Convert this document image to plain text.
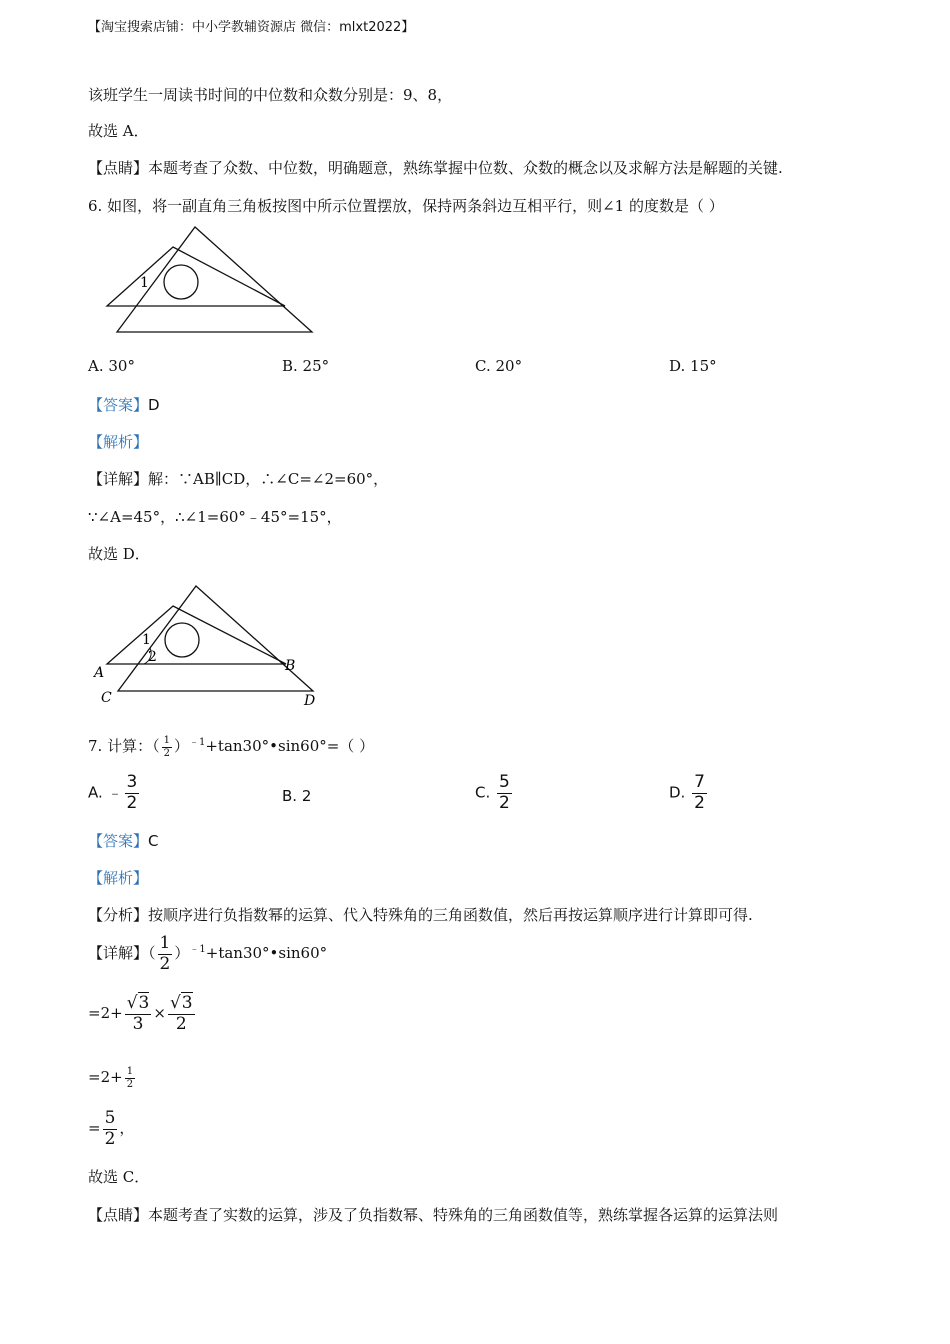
【淘宝搜索店铺：中小学教辅资源店 微信：mlxt2022】
该班学生一周读书时间的中位数和众数分别是：9、8，
故选 A．
【点睛】本题考查了众数、中位数，明确题意，熟练掌握中位数、众数的概念以及求解方法是解题的关键.
6. 如图，将一副直角三角板按图中所示位置摆放，保持两条斜边互相平行，则∠1 的度数是（ ）
1
A. 30°	B. 25°	C. 20°	D. 15°
【答案】D
【解析】
【详解】解：∵AB∥CD，∴∠C=∠2=60°，
∵∠A=45°，∴∠1=60°﹣45°=15°，
故选 D．
1
2
A	B
C	D
7. 计算：（ $\frac{1}{2}$ ）$^{﹣1}$+tan30°•sin60°=（ ）
A. ﹣ $\frac{3}{2}$	B. 2	C. $\frac{5}{2}$	D. $\frac{7}{2}$
【答案】C
【解析】
【分析】按顺序进行负指数幂的运算、代入特殊角的三角函数值，然后再按运算顺序进行计算即可得.
【详解】（ $\frac{1}{2}$ ）$^{﹣1}$+tan30°•sin60°
$=2+ \frac{√3}{3} \times \frac{√3}{2}$
$=2+ \frac{1}{2}$
= $\frac{5}{2}$ ，
故选 C．
【点睛】本题考查了实数的运算，涉及了负指数幂、特殊角的三角函数值等，熟练掌握各运算的运算法则
